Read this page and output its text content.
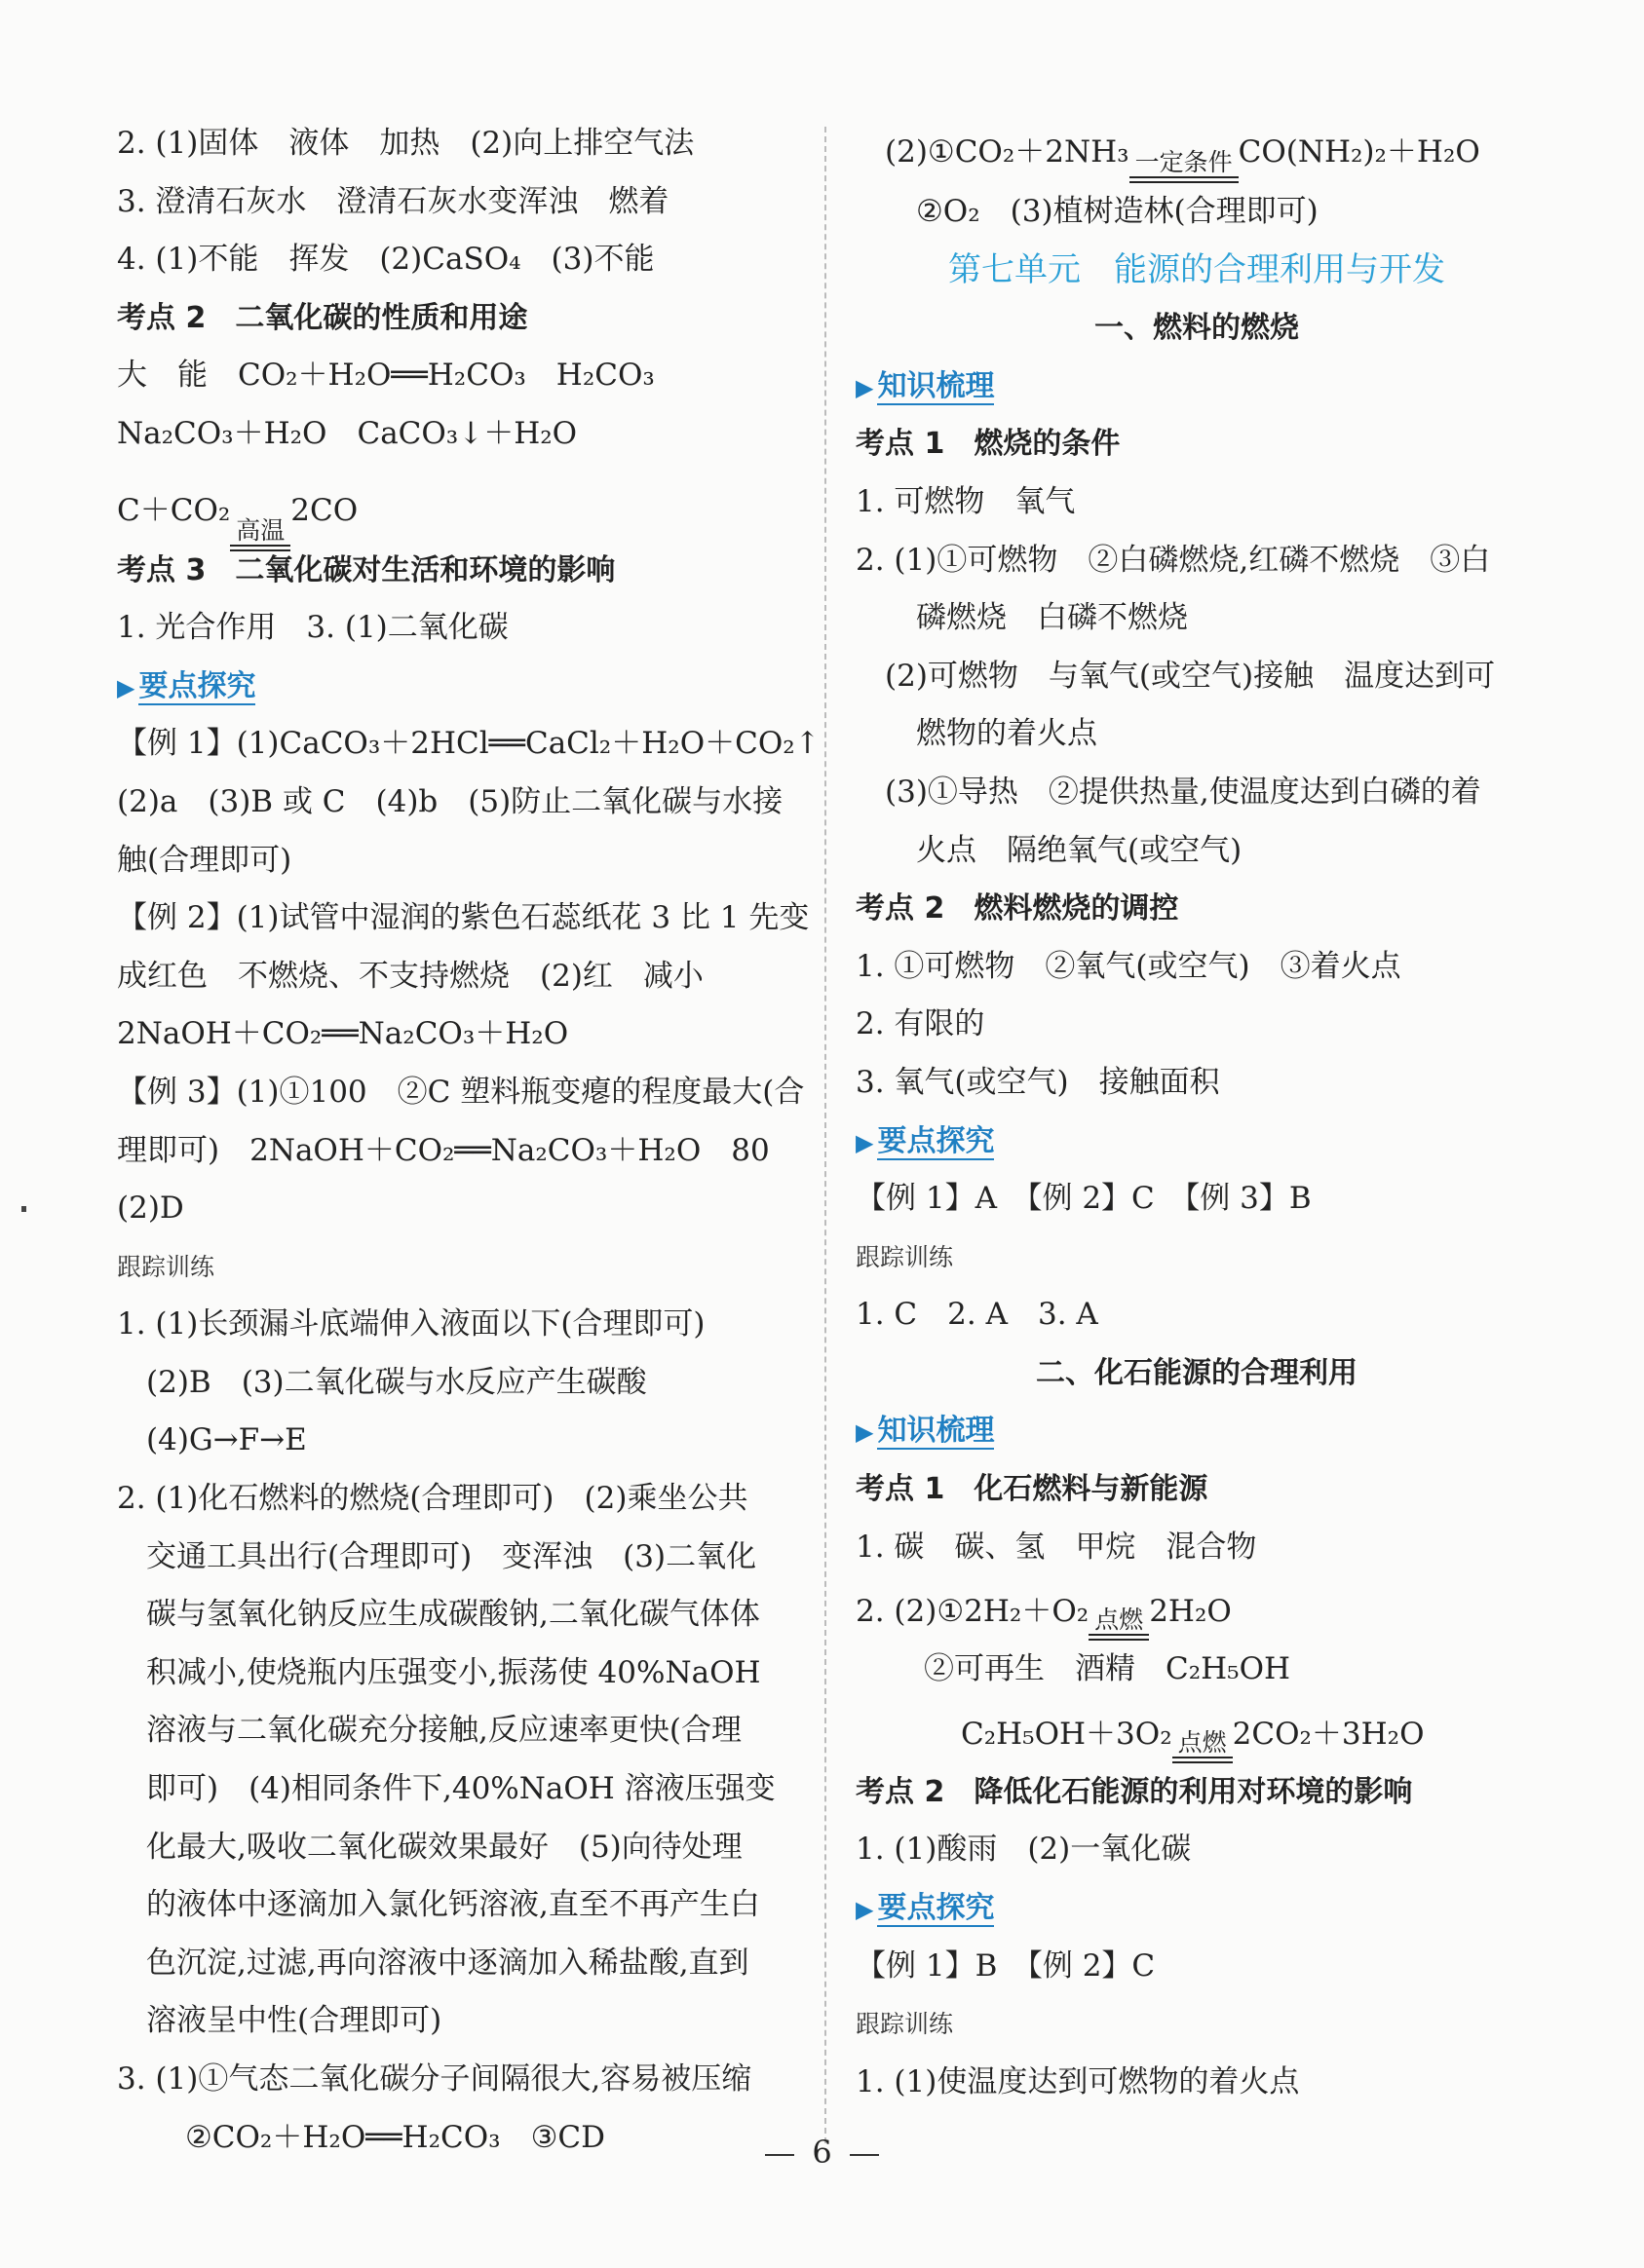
2. (1)固体　液体　加热　(2)向上排空气法
3. 澄清石灰水　澄清石灰水变浑浊　燃着
4. (1)不能　挥发　(2)CaSO₄　(3)不能
考点 2　二氧化碳的性质和用途
大　能　CO₂＋H₂O══H₂CO₃　H₂CO₃
Na₂CO₃＋H₂O　CaCO₃↓＋H₂O
C＋CO₂
高温
2CO
考点 3　二氧化碳对生活和环境的影响
1. 光合作用　3. (1)二氧化碳
▶ 要点探究
【例 1】(1)CaCO₃＋2HCl══CaCl₂＋H₂O＋CO₂↑
(2)a　(3)B 或 C　(4)b　(5)防止二氧化碳与水接
触(合理即可)
【例 2】(1)试管中湿润的紫色石蕊纸花 3 比 1 先变
成红色　不燃烧、不支持燃烧　(2)红　减小
2NaOH＋CO₂══Na₂CO₃＋H₂O
【例 3】(1)①100　②C 塑料瓶变瘪的程度最大(合
理即可)　2NaOH＋CO₂══Na₂CO₃＋H₂O　80
(2)D
跟踪训练
1. (1)长颈漏斗底端伸入液面以下(合理即可)
(2)B　(3)二氧化碳与水反应产生碳酸
(4)G→F→E
2. (1)化石燃料的燃烧(合理即可)　(2)乘坐公共
交通工具出行(合理即可)　变浑浊　(3)二氧化
碳与氢氧化钠反应生成碳酸钠,二氧化碳气体体
积减小,使烧瓶内压强变小,振荡使 40%NaOH
溶液与二氧化碳充分接触,反应速率更快(合理
即可)　(4)相同条件下,40%NaOH 溶液压强变
化最大,吸收二氧化碳效果最好　(5)向待处理
的液体中逐滴加入氯化钙溶液,直至不再产生白
色沉淀,过滤,再向溶液中逐滴加入稀盐酸,直到
溶液呈中性(合理即可)
3. (1)①气态二氧化碳分子间隔很大,容易被压缩
②CO₂＋H₂O══H₂CO₃　③CD
(2)①CO₂＋2NH₃ 一定条件 CO(NH₂)₂＋H₂O
②O₂　(3)植树造林(合理即可)
第七单元　能源的合理利用与开发
一、燃料的燃烧
▶ 知识梳理
考点 1　燃烧的条件
1. 可燃物　氧气
2. (1)①可燃物　②白磷燃烧,红磷不燃烧　③白
磷燃烧　白磷不燃烧
(2)可燃物　与氧气(或空气)接触　温度达到可
燃物的着火点
(3)①导热　②提供热量,使温度达到白磷的着
火点　隔绝氧气(或空气)
考点 2　燃料燃烧的调控
1. ①可燃物　②氧气(或空气)　③着火点
2. 有限的
3. 氧气(或空气)　接触面积
▶ 要点探究
【例 1】A　【例 2】C　【例 3】B
跟踪训练
1. C　2. A　3. A
二、化石能源的合理利用
▶ 知识梳理
考点 1　化石燃料与新能源
1. 碳　碳、氢　甲烷　混合物
2. (2)①2H₂＋O₂ 点燃 2H₂O
②可再生　酒精　C₂H₅OH
C₂H₅OH＋3O₂ 点燃 2CO₂＋3H₂O
考点 2　降低化石能源的利用对环境的影响
1. (1)酸雨　(2)一氧化碳
▶ 要点探究
【例 1】B　【例 2】C
跟踪训练
1. (1)使温度达到可燃物的着火点
6
